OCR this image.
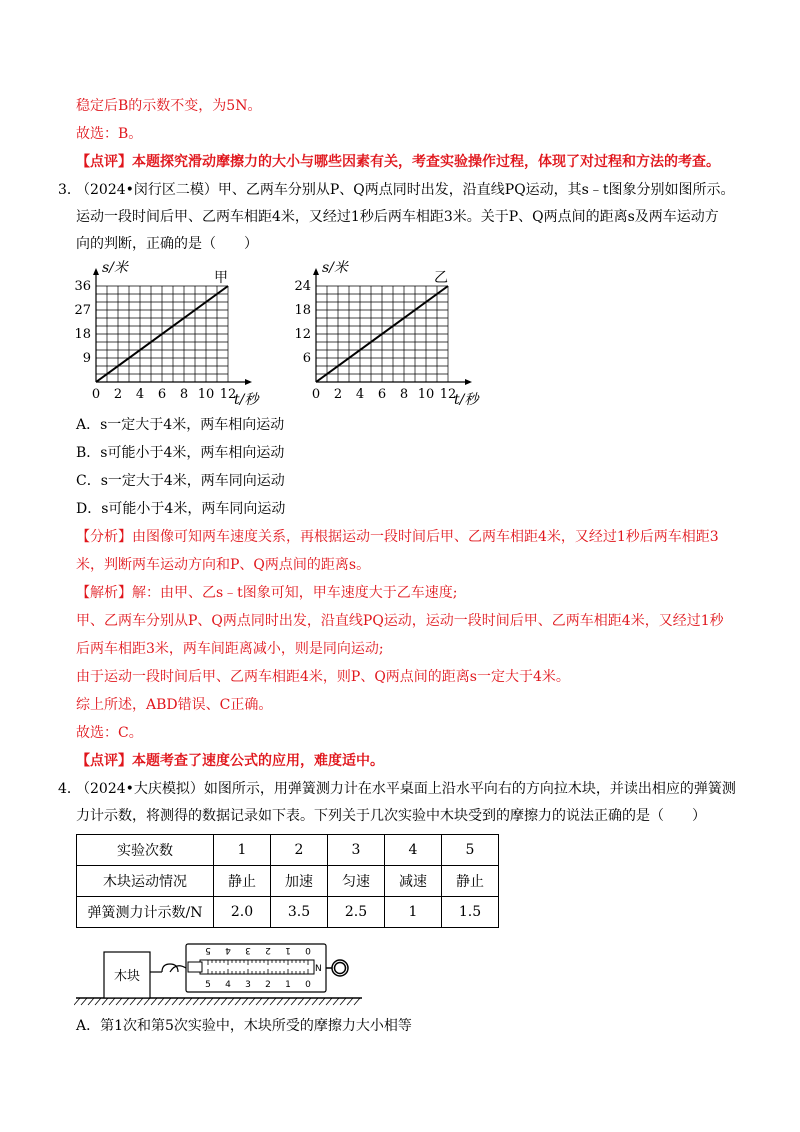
稳定后B的示数不变，为5N。
故选：B。
【点评】本题探究滑动摩擦力的大小与哪些因素有关，考查实验操作过程，体现了对过程和方法的考查。
3．
（2024•闵行区二模）甲、乙两车分别从P、Q两点同时出发，沿直线PQ运动，其s﹣t图象分别如图所示。
运动一段时间后甲、乙两车相距4米，又经过1秒后两车相距3米。关于P、Q两点间的距离s及两车运动方
向的判断，正确的是（　　）
0 2 4 6 8 10 12
9
18
27
36
s/米
t/秒
甲
0 2 4 6 8 10 12
6
12
18
24
s/米
t/秒
乙
A．s一定大于4米，两车相向运动
B．s可能小于4米，两车相向运动
C．s一定大于4米，两车同向运动
D．s可能小于4米，两车同向运动
【分析】由图像可知两车速度关系，再根据运动一段时间后甲、乙两车相距4米，又经过1秒后两车相距3
米，判断两车运动方向和P、Q两点间的距离s。
【解析】解：由甲、乙s﹣t图象可知，甲车速度大于乙车速度;
甲、乙两车分别从P、Q两点同时出发，沿直线PQ运动，运动一段时间后甲、乙两车相距4米，又经过1秒
后两车相距3米，两车间距离减小，则是同向运动;
由于运动一段时间后甲、乙两车相距4米，则P、Q两点间的距离s一定大于4米。
综上所述，ABD错误、C正确。
故选：C。
【点评】本题考查了速度公式的应用，难度适中。
4．
（2024•大庆模拟）如图所示，用弹簧测力计在水平桌面上沿水平向右的方向拉木块，并读出相应的弹簧测
力计示数，将测得的数据记录如下表。下列关于几次实验中木块受到的摩擦力的说法正确的是（　　）
实验次数	1	2	3	4	5
木块运动情况	静止	加速	匀速	减速	静止
弹簧测力计示数/N	2.0	3.5	2.5	1	1.5
木块
5 4 3 2 1 0
5 4 3 2 1 0
N
A．第1次和第5次实验中，木块所受的摩擦力大小相等
